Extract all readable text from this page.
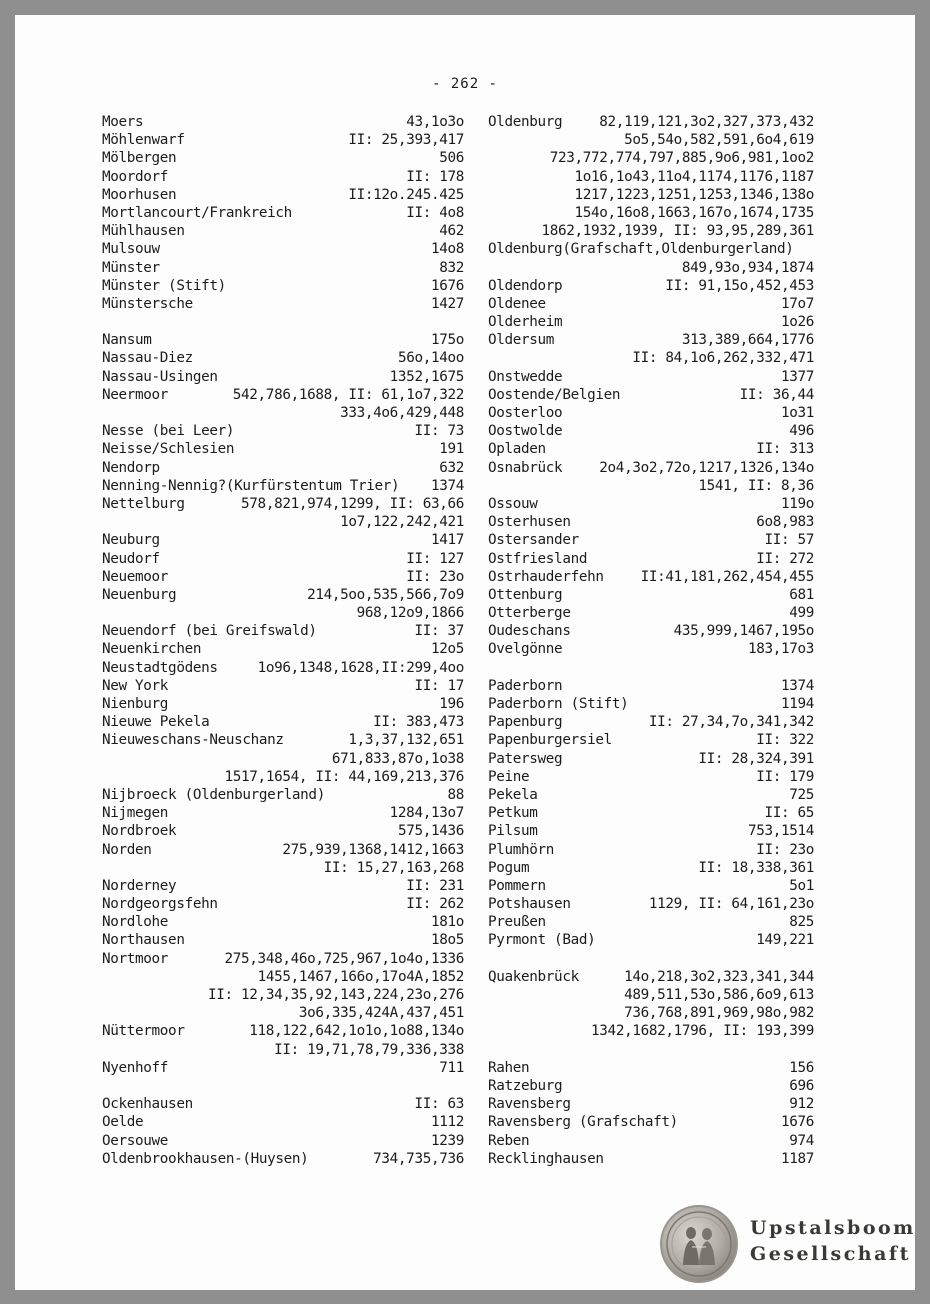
- 262 -
Moers	43,1o3o
Möhlenwarf	II: 25,393,417
Mölbergen	506
Moordorf	II: 178
Moorhusen	II:12o.245.425
Mortlancourt/Frankreich	II: 4o8
Mühlhausen	462
Mulsouw	14o8
Münster	832
Münster (Stift)	1676
Münstersche	1427
Nansum	175o
Nassau-Diez	56o,14oo
Nassau-Usingen	1352,1675
Neermoor	542,786,1688, II: 61,1o7,322
333,4o6,429,448
Nesse (bei Leer)	II: 73
Neisse/Schlesien	191
Nendorp	632
Nenning-Nennig?(Kurfürstentum Trier) 1374
Nettelburg	578,821,974,1299, II: 63,66
1o7,122,242,421
Neuburg	1417
Neudorf	II: 127
Neuemoor	II: 23o
Neuenburg	214,5oo,535,566,7o9
968,12o9,1866
Neuendorf (bei Greifswald)	II: 37
Neuenkirchen	12o5
Neustadtgödens	1o96,1348,1628,II:299,4oo
New York	II: 17
Nienburg	196
Nieuwe Pekela	II: 383,473
Nieuweschans-Neuschanz	1,3,37,132,651
671,833,87o,1o38
1517,1654, II: 44,169,213,376
Nijbroeck (Oldenburgerland)	88
Nijmegen	1284,13o7
Nordbroek	575,1436
Norden	275,939,1368,1412,1663
II: 15,27,163,268
Norderney	II: 231
Nordgeorgsfehn	II: 262
Nordlohe	181o
Northausen	18o5
Nortmoor	275,348,46o,725,967,1o4o,1336
1455,1467,166o,17o4A,1852
II: 12,34,35,92,143,224,23o,276
3o6,335,424A,437,451
Nüttermoor	118,122,642,1o1o,1o88,134o
II: 19,71,78,79,336,338
Nyenhoff	711
Ockenhausen	II: 63
Oelde	1112
Oersouwe	1239
Oldenbrookhausen-(Huysen)	734,735,736
Oldenburg	82,119,121,3o2,327,373,432
5o5,54o,582,591,6o4,619
723,772,774,797,885,9o6,981,1oo2
1o16,1o43,11o4,1174,1176,1187
1217,1223,1251,1253,1346,138o
154o,16o8,1663,167o,1674,1735
1862,1932,1939, II: 93,95,289,361
Oldenburg(Grafschaft,Oldenburgerland)
849,93o,934,1874
Oldendorp	II: 91,15o,452,453
Oldenee	17o7
Olderheim	1o26
Oldersum	313,389,664,1776
II: 84,1o6,262,332,471
Onstwedde	1377
Oostende/Belgien	II: 36,44
Oosterloo	1o31
Oostwolde	496
Opladen	II: 313
Osnabrück	2o4,3o2,72o,1217,1326,134o
1541, II: 8,36
Ossouw	119o
Osterhusen	6o8,983
Ostersander	II: 57
Ostfriesland	II: 272
Ostrhauderfehn	II:41,181,262,454,455
Ottenburg	681
Otterberge	499
Oudeschans	435,999,1467,195o
Ovelgönne	183,17o3
Paderborn	1374
Paderborn (Stift)	1194
Papenburg	II: 27,34,7o,341,342
Papenburgersiel	II: 322
Patersweg	II: 28,324,391
Peine	II: 179
Pekela	725
Petkum	II: 65
Pilsum	753,1514
Plumhörn	II: 23o
Pogum	II: 18,338,361
Pommern	5o1
Potshausen	1129, II: 64,161,23o
Preußen	825
Pyrmont (Bad)	149,221
Quakenbrück	14o,218,3o2,323,341,344
489,511,53o,586,6o9,613
736,768,891,969,98o,982
1342,1682,1796, II: 193,399
Rahen	156
Ratzeburg	696
Ravensberg	912
Ravensberg (Grafschaft)	1676
Reben	974
Recklinghausen	1187
Upstalsboom
Gesellschaft
